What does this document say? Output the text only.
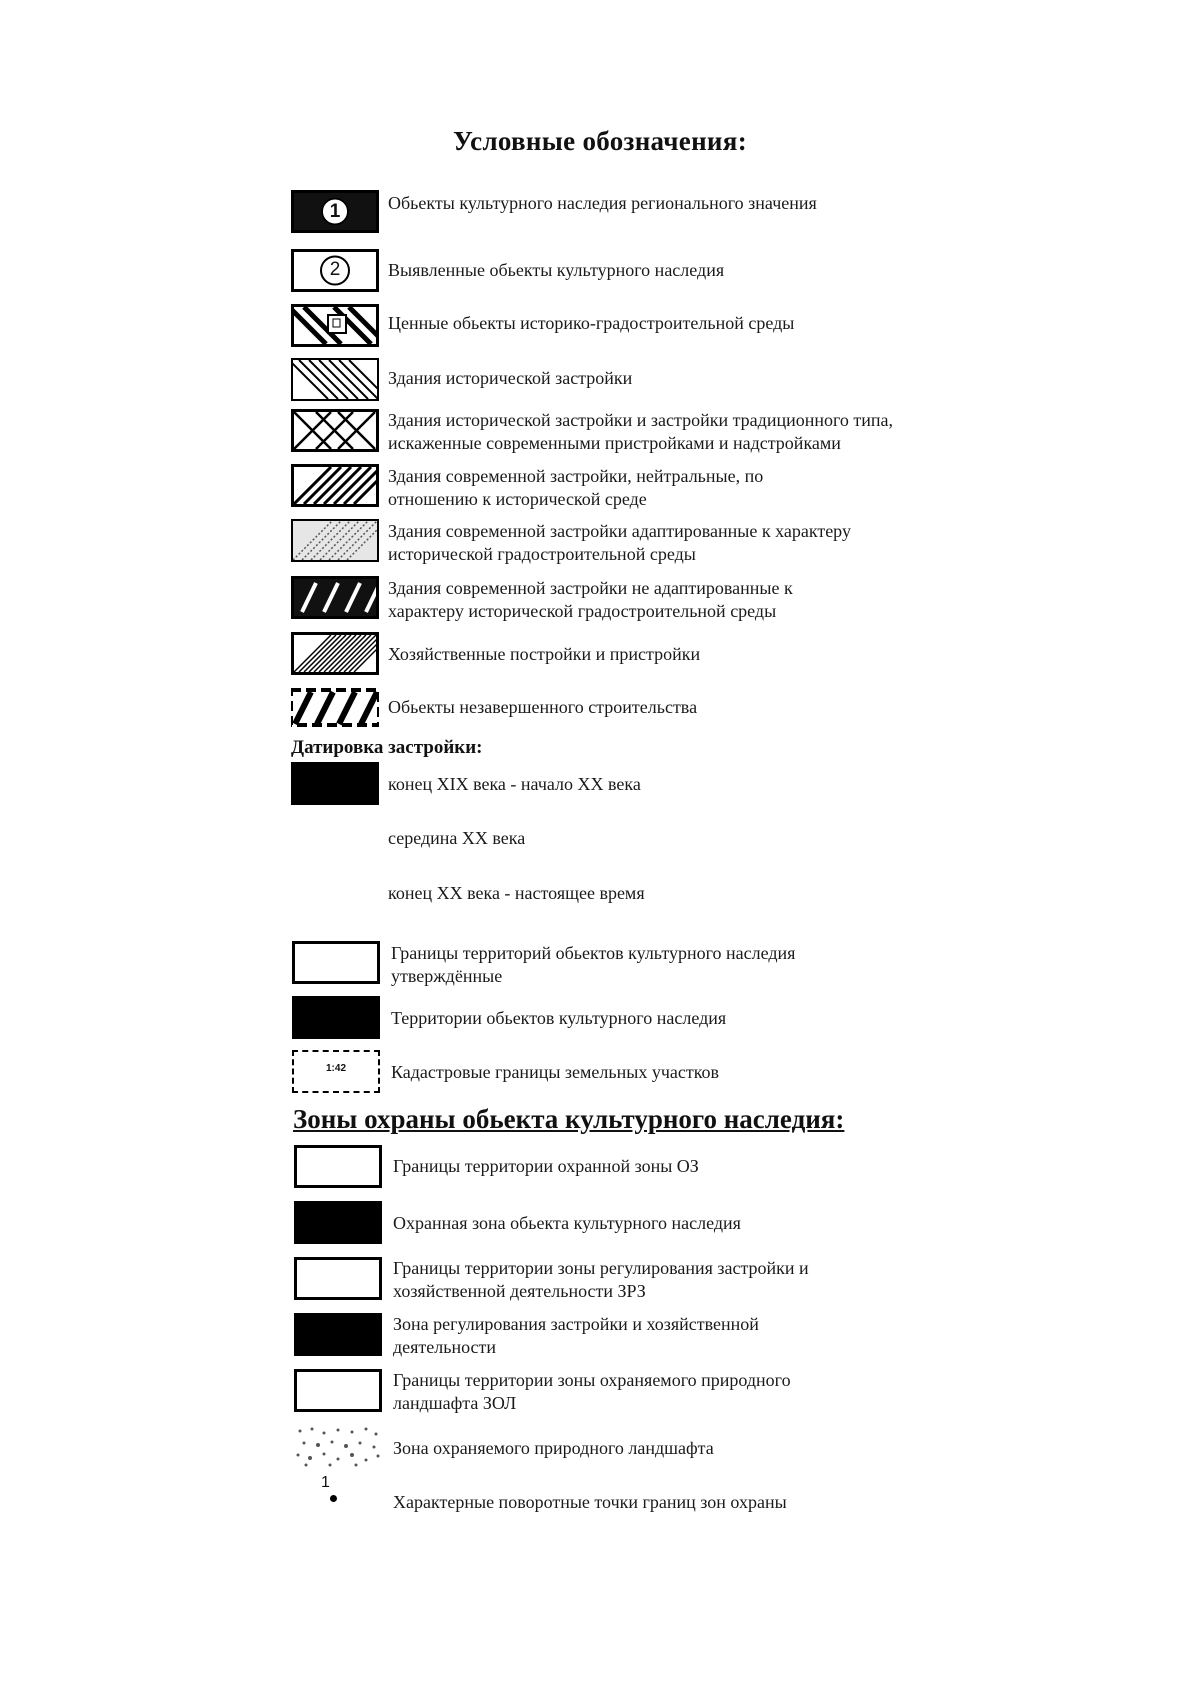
Условные обозначения:
1	Обьекты культурного наследия регионального значения
2	Выявленные обьекты культурного наследия
Ценные обьекты историко-градостроительной среды
Здания исторической застройки
Здания исторической застройки и застройки традиционного типа, искаженные современными пристройками и надстройками
Здания современной застройки, нейтральные, по отношению к исторической среде
Здания современной застройки адаптированные к характеру исторической градостроительной среды
Здания современной застройки не адаптированные к характеру исторической градостроительной среды
Хозяйственные постройки и пристройки
Обьекты незавершенного строительства
Датировка застройки:
конец XIX века - начало XX века
середина XX века
конец XX века - настоящее время
Границы территорий обьектов культурного наследия утверждённые
Территории обьектов культурного наследия
1:42	Кадастровые границы земельных участков
Зоны охраны обьекта культурного наследия:
Границы территории охранной зоны ОЗ
Охранная зона обьекта культурного наследия
Границы территории зоны регулирования застройки и хозяйственной деятельности ЗРЗ
Зона регулирования застройки и хозяйственной деятельности
Границы территории зоны охраняемого природного ландшафта ЗОЛ
Зона охраняемого природного ландшафта
1
Характерные поворотные точки границ зон охраны
